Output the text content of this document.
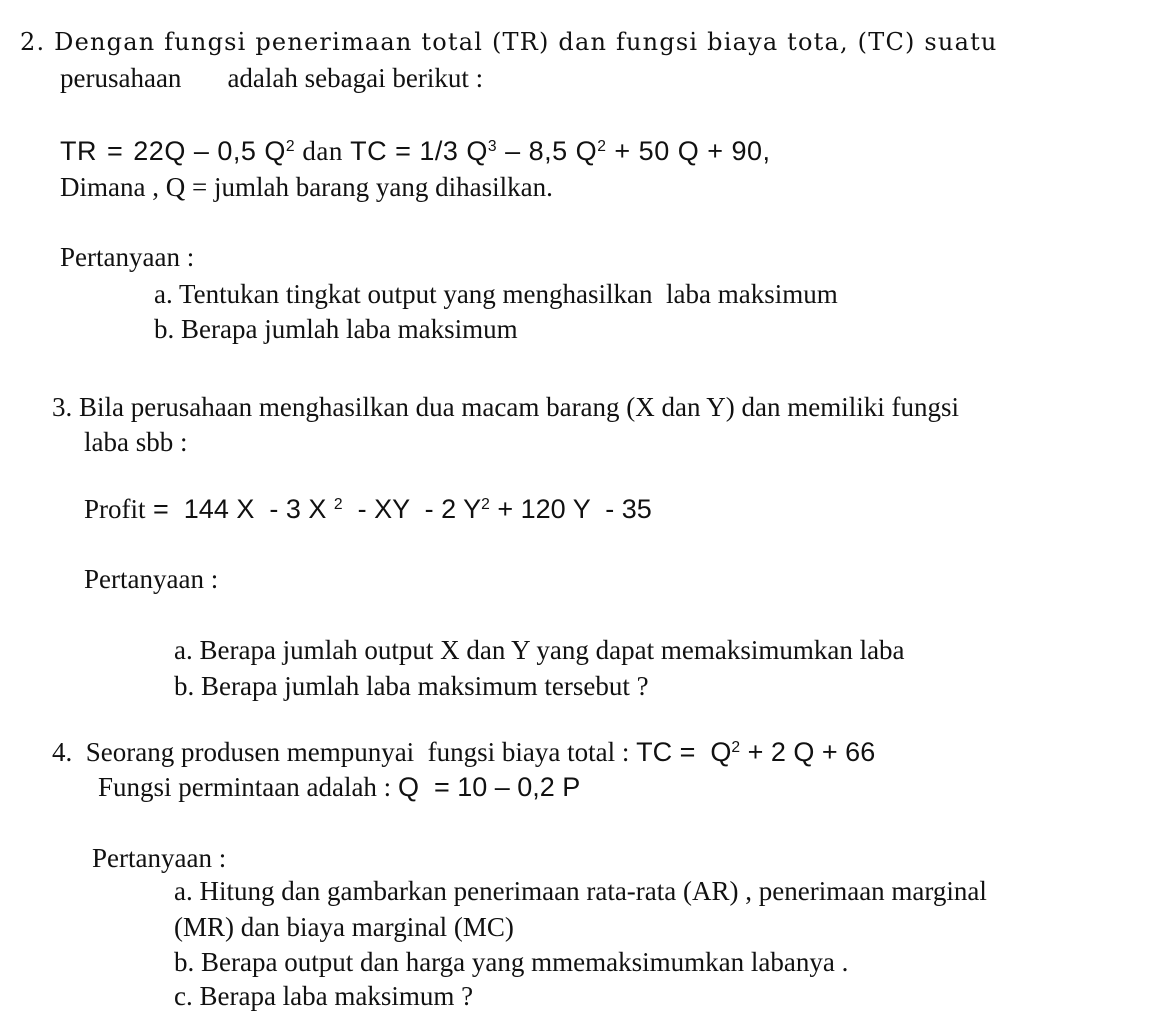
2. Dengan fungsi penerimaan total (TR) dan fungsi biaya tota, (TC) suatu
perusahaan adalah sebagai berikut :
TR = 22Q – 0,5 $Q^2$ dan TC = 1/3 $Q^3 - 8,5$ $Q^2 + 50$ Q + 90,
Dimana , Q = jumlah barang yang dihasilkan.
Pertanyaan :
a. Tentukan tingkat output yang menghasilkan  laba maksimum
b. Berapa jumlah laba maksimum
3. Bila perusahaan menghasilkan dua macam barang (X dan Y) dan memiliki fungsi
laba sbb :
Profit =  144 X  - 3 X $^2$  - XY  - 2 $Y^2 + 120$ Y  - 35
Pertanyaan :
a. Berapa jumlah output X dan Y yang dapat memaksimumkan laba
b. Berapa jumlah laba maksimum tersebut ?
4.  Seorang produsen mempunyai  fungsi biaya total : TC =  $Q^2 + 2$ Q + 66
Fungsi permintaan adalah : Q  = 10 – 0,2 P
Pertanyaan :
a. Hitung dan gambarkan penerimaan rata-rata (AR) , penerimaan marginal
(MR) dan biaya marginal (MC)
b. Berapa output dan harga yang mmemaksimumkan labanya .
c. Berapa laba maksimum ?
